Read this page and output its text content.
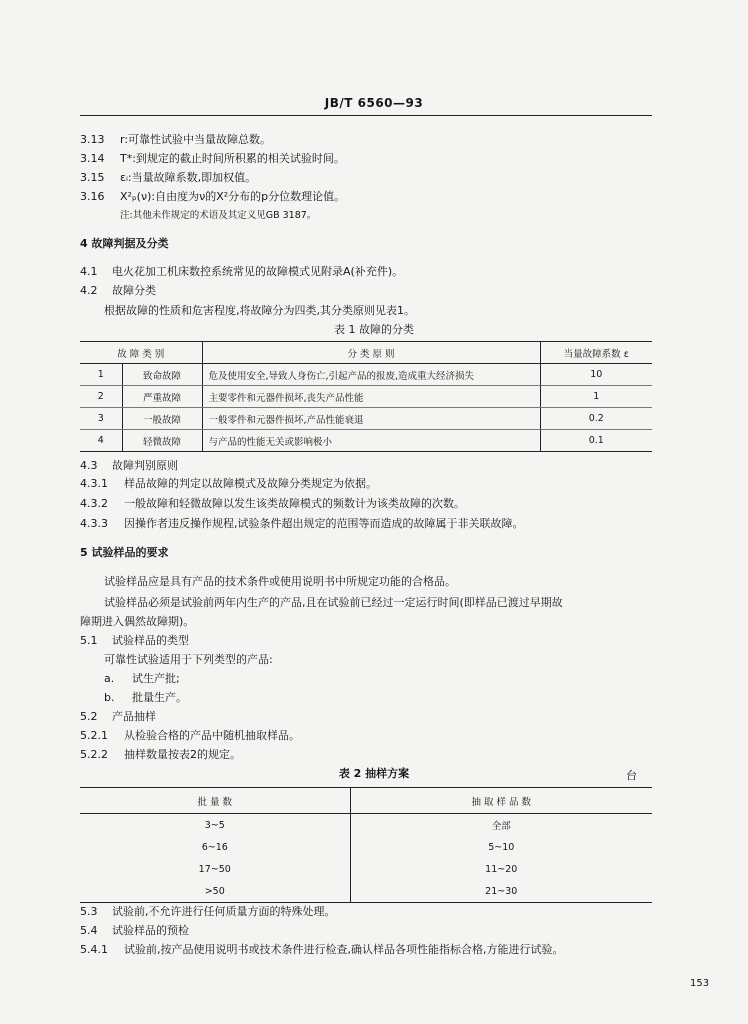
JB/T 6560—93
3.13 r:可靠性试验中当量故障总数。
3.14 T*:到规定的截止时间所积累的相关试验时间。
3.15 εᵢ:当量故障系数,即加权值。
3.16 X²ₚ(ν):自由度为ν的X²分布的p分位数理论值。
注:其他未作规定的术语及其定义见GB 3187。
4 故障判据及分类
4.1 电火花加工机床数控系统常见的故障模式见附录A(补充件)。
4.2 故障分类
根据故障的性质和危害程度,将故障分为四类,其分类原则见表1。
表 1 故障的分类
故 障 类 别		分 类 原 则	当量故障系数 ε
1	致命故障	危及使用安全,导致人身伤亡,引起产品的报废,造成重大经济损失	10
2	严重故障	主要零件和元器件损坏,丧失产品性能	1
3	一般故障	一般零件和元器件损坏,产品性能衰退	0.2
4	轻微故障	与产品的性能无关或影响极小	0.1
4.3 故障判别原则
4.3.1 样品故障的判定以故障模式及故障分类规定为依据。
4.3.2 一般故障和轻微故障以发生该类故障模式的频数计为该类故障的次数。
4.3.3 因操作者违反操作规程,试验条件超出规定的范围等而造成的故障属于非关联故障。
5 试验样品的要求
试验样品应是具有产品的技术条件或使用说明书中所规定功能的合格品。
试验样品必须是试验前两年内生产的产品,且在试验前已经过一定运行时间(即样品已渡过早期故
障期进入偶然故障期)。
5.1 试验样品的类型
可靠性试验适用于下列类型的产品:
a. 试生产批;
b. 批量生产。
5.2 产品抽样
5.2.1 从检验合格的产品中随机抽取样品。
5.2.2 抽样数量按表2的规定。
表 2 抽样方案	台
批 量 数	抽 取 样 品 数
3~5	全部
6~16	5~10
17~50	11~20
>50	21~30
5.3 试验前,不允许进行任何质量方面的特殊处理。
5.4 试验样品的预检
5.4.1 试验前,按产品使用说明书或技术条件进行检查,确认样品各项性能指标合格,方能进行试验。
153
